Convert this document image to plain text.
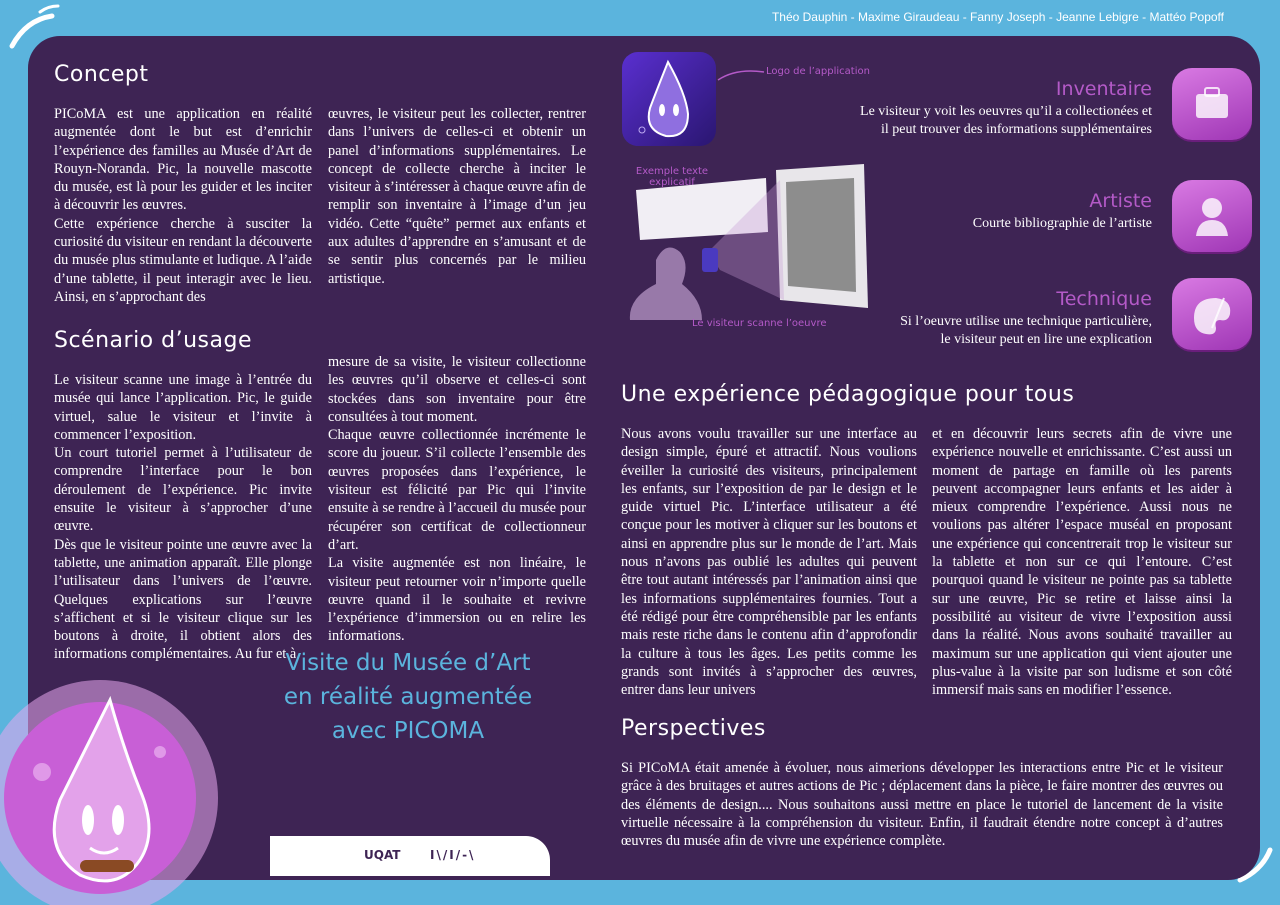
Théo Dauphin - Maxime Giraudeau - Fanny Joseph - Jeanne Lebigre - Mattéo Popoff
Concept

PICoMA est une application en réalité augmentée dont le but est d’enrichir l’expérience des familles au Musée d’Art de Rouyn-Noranda. Pic, la nouvelle mascotte du musée, est là pour les guider et les inciter à découvrir les œuvres.

Cette expérience cherche à susciter la curiosité du visiteur en rendant la découverte du musée plus stimulante et ludique. A l’aide d’une tablette, il peut interagir avec le lieu. Ainsi, en s’approchant des

œuvres, le visiteur peut les collecter, rentrer dans l’univers de celles-ci et obtenir un panel d’informations supplémentaires. Le concept de collecte cherche à inciter le visiteur à s’intéresser à chaque œuvre afin de remplir son inventaire à l’image d’un jeu vidéo. Cette “quête” permet aux enfants et aux adultes d’apprendre en s’amusant et de se sentir plus concernés par le milieu artistique.

Scénario d’usage

Le visiteur scanne une image à l’entrée du musée qui lance l’application. Pic, le guide virtuel, salue le visiteur et l’invite à commencer l’exposition.

Un court tutoriel permet à l’utilisateur de comprendre l’interface pour le bon déroulement de l’expérience. Pic invite ensuite le visiteur à s’approcher d’une œuvre.

Dès que le visiteur pointe une œuvre avec la tablette, une animation apparaît. Elle plonge l’utilisateur dans l’univers de l’œuvre. Quelques explications sur l’œuvre s’affichent et si le visiteur clique sur les boutons à droite, il obtient alors des informations complémentaires. Au fur et à

mesure de sa visite, le visiteur collectionne les œuvres qu’il observe et celles-ci sont stockées dans son inventaire pour être consultées à tout moment.

Chaque œuvre collectionnée incrémente le score du joueur. S’il collecte l’ensemble des œuvres proposées dans l’expérience, le visiteur est félicité par Pic qui l’invite ensuite à se rendre à l’accueil du musée pour récupérer son certificat de collectionneur d’art.

La visite augmentée est non linéaire, le visiteur peut retourner voir n’importe quelle œuvre quand il le souhaite et revivre l’expérience d’immersion ou en relire les informations.

Visite du Musée d’Art
en réalité augmentée
avec PICOMA
UQAT I\/I/-\
Logo de l’application
Exemple texte
explicatif
Le visiteur scanne l’oeuvre
Inventaire
Le visiteur y voit les oeuvres qu’il a collectionées et
il peut trouver des informations supplémentaires
Artiste
Courte bibliographie de l’artiste
Technique
Si l’oeuvre utilise une technique particulière,
le visiteur peut en lire une explication
Une expérience pédagogique pour tous

Nous avons voulu travailler sur une interface au design simple, épuré et attractif. Nous voulions éveiller la curiosité des visiteurs, principalement les enfants, sur l’exposition de par le design et le guide virtuel Pic. L’interface utilisateur a été conçue pour les motiver à cliquer sur les boutons et ainsi en apprendre plus sur le monde de l’art. Mais nous n’avons pas oublié les adultes qui peuvent être tout autant intéressés par l’animation ainsi que les informations supplémentaires fournies. Tout a été rédigé pour être compréhensible par les enfants mais reste riche dans le contenu afin d’approfondir la culture à tous les âges. Les petits comme les grands sont invités à s’approcher des œuvres, entrer dans leur univers

et en découvrir leurs secrets afin de vivre une expérience nouvelle et enrichissante. C’est aussi un moment de partage en famille où les parents peuvent accompagner leurs enfants et les aider à mieux comprendre l’expérience. Aussi nous ne voulions pas altérer l’espace muséal en proposant une expérience qui concentrerait trop le visiteur sur la tablette et non sur ce qui l’entoure. C’est pourquoi quand le visiteur ne pointe pas sa tablette sur une œuvre, Pic se retire et laisse ainsi la possibilité au visiteur de vivre l’exposition aussi dans la réalité. Nous avons souhaité travailler au maximum sur une application qui vient ajouter une plus-value à la visite par son ludisme et son côté immersif mais sans en modifier l’essence.

Perspectives

Si PICoMA était amenée à évoluer, nous aimerions développer les interactions entre Pic et le visiteur grâce à des bruitages et autres actions de Pic ; déplacement dans la pièce, le faire montrer des œuvres ou des éléments de design.... Nous souhaitons aussi mettre en place le tutoriel de lancement de la visite virtuelle nécessaire à la compréhension du visiteur. Enfin, il faudrait étendre notre concept à d’autres œuvres du musée afin de vivre une expérience complète.
